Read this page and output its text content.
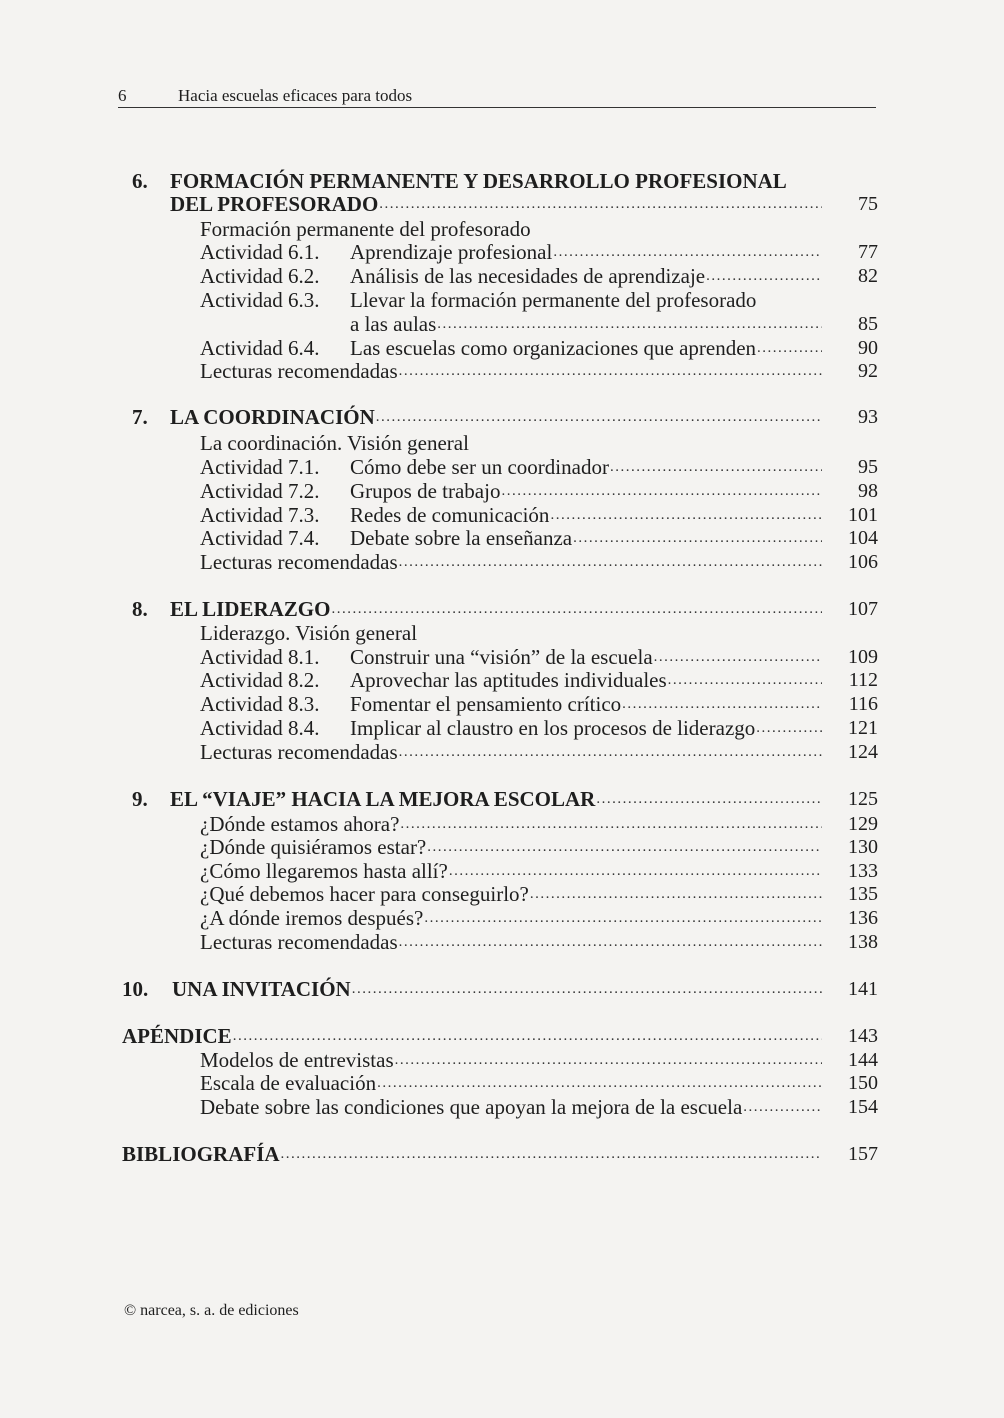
6	Hacia escuelas eficaces para todos
6. FORMACIÓN PERMANENTE Y DESARROLLO PROFESIONAL
DEL PROFESORADO .....	75
Formación permanente del profesorado
Actividad 6.1. Aprendizaje profesional .....	77
Actividad 6.2. Análisis de las necesidades de aprendizaje .....	82
Actividad 6.3. Llevar la formación permanente del profesorado
a las aulas .....	85
Actividad 6.4. Las escuelas como organizaciones que aprenden .....	90
Lecturas recomendadas .....	92
7. LA COORDINACIÓN .....	93
La coordinación. Visión general
Actividad 7.1. Cómo debe ser un coordinador .....	95
Actividad 7.2. Grupos de trabajo .....	98
Actividad 7.3. Redes de comunicación .....	101
Actividad 7.4. Debate sobre la enseñanza .....	104
Lecturas recomendadas .....	106
8. EL LIDERAZGO .....	107
Liderazgo. Visión general
Actividad 8.1. Construir una “visión” de la escuela .....	109
Actividad 8.2. Aprovechar las aptitudes individuales .....	112
Actividad 8.3. Fomentar el pensamiento crítico .....	116
Actividad 8.4. Implicar al claustro en los procesos de liderazgo .....	121
Lecturas recomendadas .....	124
9. EL “VIAJE” HACIA LA MEJORA ESCOLAR .....	125
¿Dónde estamos ahora? .....	129
¿Dónde quisiéramos estar? .....	130
¿Cómo llegaremos hasta allí? .....	133
¿Qué debemos hacer para conseguirlo? .....	135
¿A dónde iremos después? .....	136
Lecturas recomendadas .....	138
10. UNA INVITACIÓN .....	141
APÉNDICE .....	143
Modelos de entrevistas .....	144
Escala de evaluación .....	150
Debate sobre las condiciones que apoyan la mejora de la escuela .....	154
BIBLIOGRAFÍA .....	157
© narcea, s. a. de ediciones
